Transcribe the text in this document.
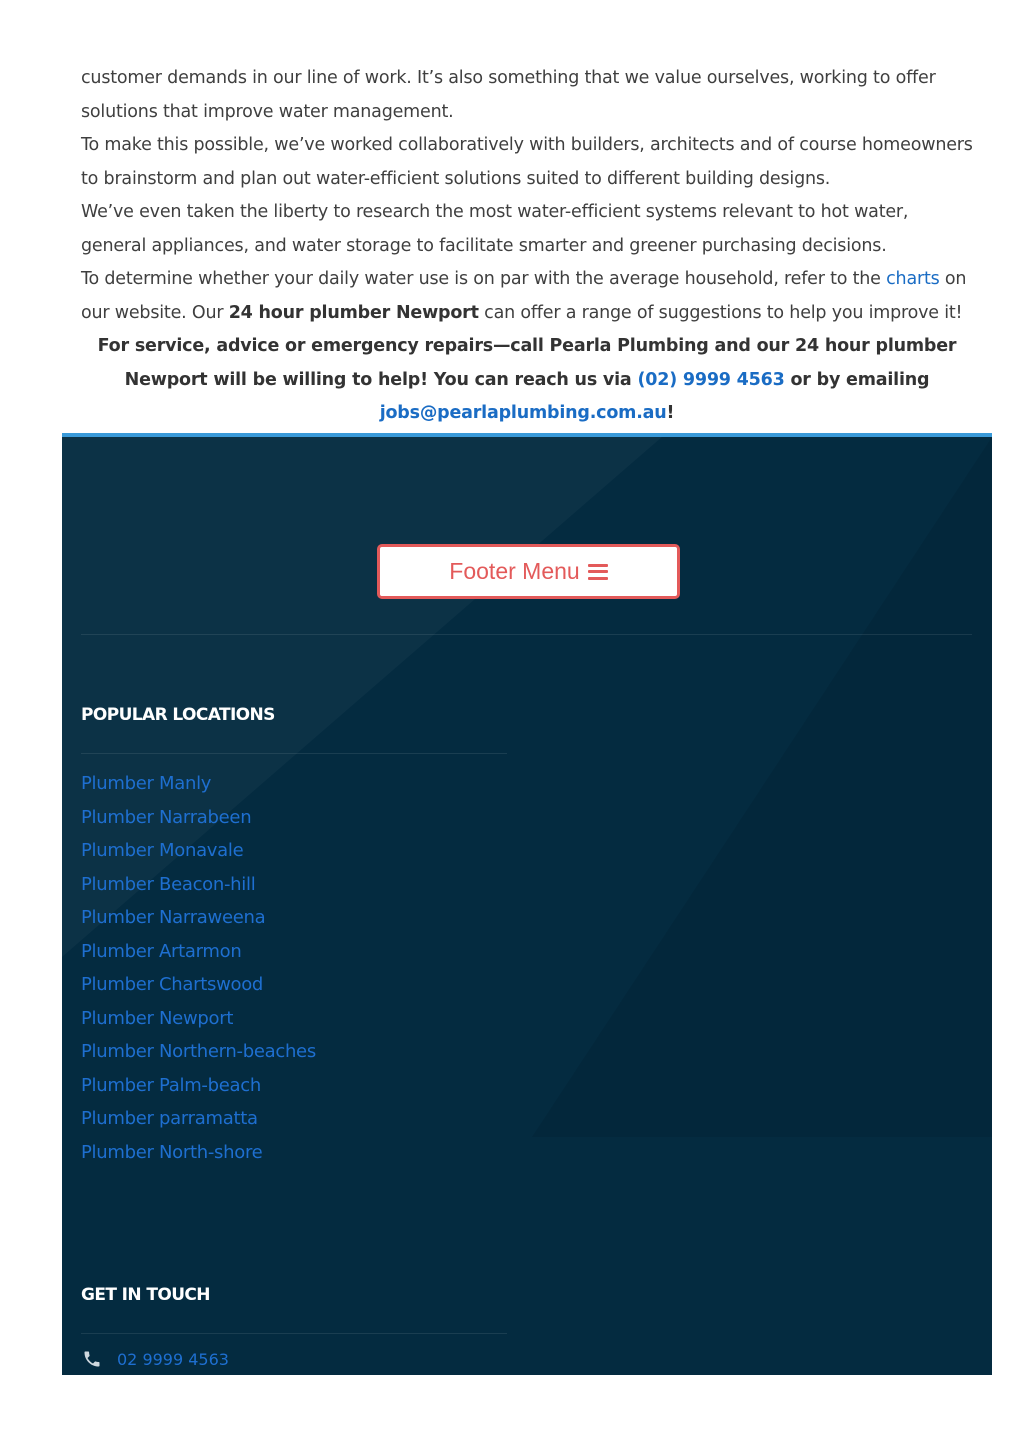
customer demands in our line of work. It’s also something that we value ourselves, working to offer solutions that improve water management.

To make this possible, we’ve worked collaboratively with builders, architects and of course homeowners to brainstorm and plan out water-efficient solutions suited to different building designs.

We’ve even taken the liberty to research the most water-efficient systems relevant to hot water, general appliances, and water storage to facilitate smarter and greener purchasing decisions.

To determine whether your daily water use is on par with the average household, refer to the charts on our website. Our 24 hour plumber Newport can offer a range of suggestions to help you improve it!

For service, advice or emergency repairs—call Pearla Plumbing and our 24 hour plumber Newport will be willing to help! You can reach us via (02) 9999 4563 or by emailing
jobs@pearlaplumbing.com.au!

Footer Menu
POPULAR LOCATIONS
Plumber Manly
Plumber Narrabeen
Plumber Monavale
Plumber Beacon-hill
Plumber Narraweena
Plumber Artarmon
Plumber Chartswood
Plumber Newport
Plumber Northern-beaches
Plumber Palm-beach
Plumber parramatta
Plumber North-shore
GET IN TOUCH
02 9999 4563
